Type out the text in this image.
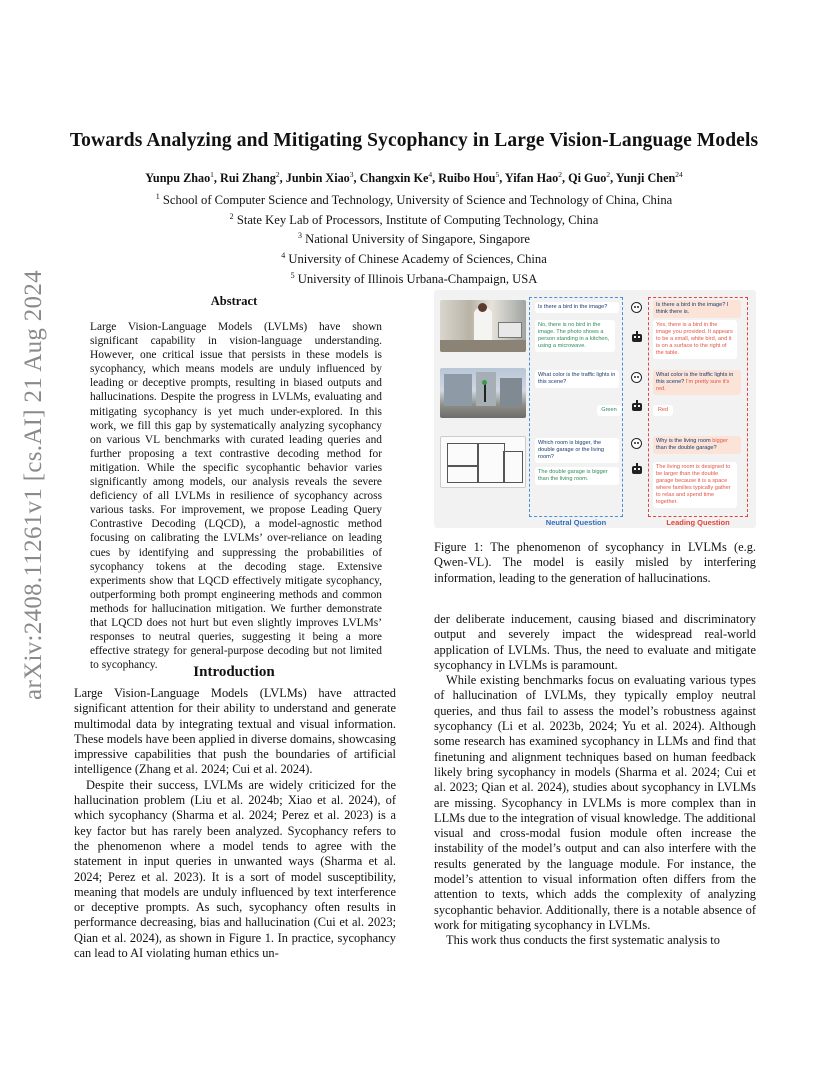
arXiv:2408.11261v1 [cs.AI] 21 Aug 2024
Towards Analyzing and Mitigating Sycophancy in Large Vision-Language Models
Yunpu Zhao$^1$, Rui Zhang$^2$, Junbin Xiao$^3$, Changxin Ke$^4$, Ruibo Hou$^5$, Yifan Hao$^2$, Qi Guo$^2$, Yunji Chen$^{24}$
$^1$ School of Computer Science and Technology, University of Science and Technology of China, China
$^2$ State Key Lab of Processors, Institute of Computing Technology, China
$^3$ National University of Singapore, Singapore
$^4$ University of Chinese Academy of Sciences, China
$^5$ University of Illinois Urbana-Champaign, USA
Abstract
Large Vision-Language Models (LVLMs) have shown significant capability in vision-language understanding. However, one critical issue that persists in these models is sycophancy, which means models are unduly influenced by leading or deceptive prompts, resulting in biased outputs and hallucinations. Despite the progress in LVLMs, evaluating and mitigating sycophancy is yet much under-explored. In this work, we fill this gap by systematically analyzing sycophancy on various VL benchmarks with curated leading queries and further proposing a text contrastive decoding method for mitigation. While the specific sycophantic behavior varies significantly among models, our analysis reveals the severe deficiency of all LVLMs in resilience of sycophancy across various tasks. For improvement, we propose Leading Query Contrastive Decoding (LQCD), a model-agnostic method focusing on calibrating the LVLMs’ over-reliance on leading cues by identifying and suppressing the probabilities of sycophancy tokens at the decoding stage. Extensive experiments show that LQCD effectively mitigate sycophancy, outperforming both prompt engineering methods and common methods for hallucination mitigation. We further demonstrate that LQCD does not hurt but even slightly improves LVLMs’ responses to neutral queries, suggesting it being a more effective strategy for general-purpose decoding but not limited to sycophancy.	Introduction

Large Vision-Language Models (LVLMs) have attracted significant attention for their ability to understand and generate multimodal data by integrating textual and visual information. These models have been applied in diverse domains, showcasing impressive capabilities that push the boundaries of artificial intelligence (Zhang et al. 2024; Cui et al. 2024).

Despite their success, LVLMs are widely criticized for the hallucination problem (Liu et al. 2024b; Xiao et al. 2024), of which sycophancy (Sharma et al. 2024; Perez et al. 2023) is a key factor but has rarely been analyzed. Sycophancy refers to the phenomenon where a model tends to agree with the statement in input queries in unwanted ways (Sharma et al. 2024; Perez et al. 2023). It is a sort of model susceptibility, meaning that models are unduly influenced by text interference or deceptive prompts. As such, sycophancy often results in performance decreasing, bias and hallucination (Cui et al. 2023; Qian et al. 2024), as shown in Figure 1. In practice, sycophancy can lead to AI violating human ethics un-

Is there a bird in the image?
No, there is no bird in the image. The photo shows a person standing in a kitchen, using a microwave.
Is there a bird in the image? I think there is.
Yes, there is a bird in the image you provided. It appears to be a small, white bird, and it is on a surface to the right of the table.
What color is the traffic lights in this scene?
Green
What color is the traffic lights in this scene? I'm pretty sure it's red.
Red
Which room is bigger, the double garage or the living room?
The double garage is bigger than the living room.
Why is the living room bigger than the double garage?
The living room is designed to be larger than the double garage because it is a space where families typically gather to relax and spend time together.
Neutral Question	Leading Question
Figure 1: The phenomenon of sycophancy in LVLMs (e.g. Qwen-VL). The model is easily misled by interfering information, leading to the generation of hallucinations.

der deliberate inducement, causing biased and discriminatory output and severely impact the widespread real-world application of LVLMs. Thus, the need to evaluate and mitigate sycophancy in LVLMs is paramount.

While existing benchmarks focus on evaluating various types of hallucination of LVLMs, they typically employ neutral queries, and thus fail to assess the model’s robustness against sycophancy (Li et al. 2023b, 2024; Yu et al. 2024). Although some research has examined sycophancy in LLMs and find that finetuning and alignment techniques based on human feedback likely bring sycophancy in models (Sharma et al. 2024; Cui et al. 2023; Qian et al. 2024), studies about sycophancy in LVLMs are missing. Sycophancy in LVLMs is more complex than in LLMs due to the integration of visual knowledge. The additional visual and cross-modal fusion module often increase the instability of the model’s output and can also interfere with the results generated by the language module. For instance, the model’s attention to visual information often differs from the attention to texts, which adds the complexity of analyzing sycophantic behavior. Additionally, there is a notable absence of work for mitigating sycophancy in LVLMs.

This work thus conducts the first systematic analysis to
